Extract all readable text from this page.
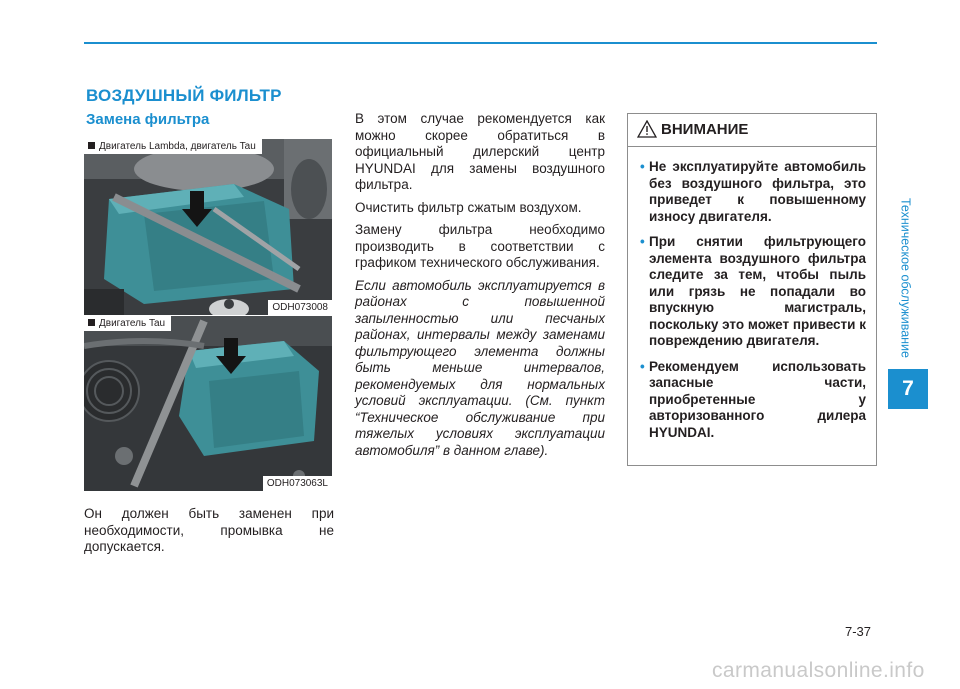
ВОЗДУШНЫЙ ФИЛЬТР
Замена фильтра
Двигатель Lambda, двигатель Tau
ODH073008
Двигатель Tau
ODH073063L

Он должен быть заменен при необходимости, промывка не допускается.

В этом случае рекомендуется как можно скорее обратиться в официальный дилерский центр HYUNDAI для замены воздушного фильтра.

Очистить фильтр сжатым воздухом.

Замену фильтра необходимо производить в соответствии с графиком технического обслуживания.

Если автомобиль эксплуатируется в районах с повышенной запыленностью или песчаных районах, интервалы между заменами фильтрующего элемента должны быть меньше интервалов, рекомендуемых для нормальных условий эксплуатации. (См. пункт “Техническое обслуживание при тяжелых условиях эксплуатации автомобиля” в данном главе).

ВНИМАНИЕ
• Не эксплуатируйте автомобиль без воздушного фильтра, это приведет к повышенному износу двигателя.
• При снятии фильтрующего элемента воздушного фильтра следите за тем, чтобы пыль или грязь не попадали во впускную магистраль, поскольку это может привести к повреждению двигателя.
• Рекомендуем использовать запасные части, приобретенные у авторизованного дилера HYUNDAI.
Техническое обслуживание
7
7-37
carmanualsonline.info
